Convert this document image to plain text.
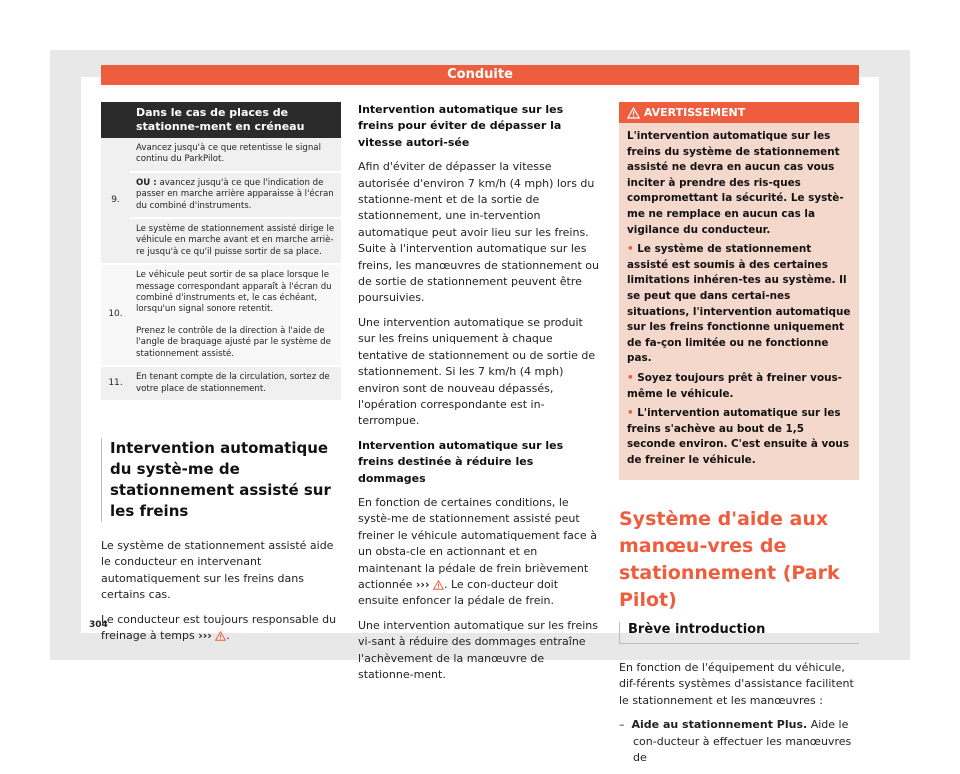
Conduite
	Dans le cas de places de stationne-ment en créneau
9.	Avancez jusqu'à ce que retentisse le signal continu du ParkPilot.
	OU : avancez jusqu'à ce que l'indication de passer en marche arrière apparaisse à l'écran du combiné d'instruments.
	Le système de stationnement assisté dirige le véhicule en marche avant et en marche arriè-re jusqu'à ce qu'il puisse sortir de sa place.
10.	Le véhicule peut sortir de sa place lorsque le message correspondant apparaît à l'écran du combiné d'instruments et, le cas échéant, lorsqu'un signal sonore retentit.
	Prenez le contrôle de la direction à l'aide de l'angle de braquage ajusté par le système de stationnement assisté.
11.	En tenant compte de la circulation, sortez de votre place de stationnement.
Intervention automatique du systè-me de stationnement assisté sur les freins

Le système de stationnement assisté aide le conducteur en intervenant automatiquement sur les freins dans certains cas.

Le conducteur est toujours responsable du freinage à temps ››› .

Intervention automatique sur les freins pour éviter de dépasser la vitesse autori-sée

Afin d'éviter de dépasser la vitesse autorisée d'environ 7 km/h (4 mph) lors du stationne-ment et de la sortie de stationnement, une in-tervention automatique peut avoir lieu sur les freins. Suite à l'intervention automatique sur les freins, les manœuvres de stationnement ou de sortie de stationnement peuvent être poursuivies.

Une intervention automatique se produit sur les freins uniquement à chaque tentative de stationnement ou de sortie de stationnement. Si les 7 km/h (4 mph) environ sont de nouveau dépassés, l'opération correspondante est in-terrompue.

Intervention automatique sur les freins destinée à réduire les dommages

En fonction de certaines conditions, le systè-me de stationnement assisté peut freiner le véhicule automatiquement face à un obsta-cle en actionnant et en maintenant la pédale de frein brièvement actionnée ››› . Le con-ducteur doit ensuite enfoncer la pédale de frein.

Une intervention automatique sur les freins vi-sant à réduire des dommages entraîne l'achèvement de la manœuvre de stationne-ment.

AVERTISSEMENT

L'intervention automatique sur les freins du système de stationnement assisté ne devra en aucun cas vous inciter à prendre des ris-ques compromettant la sécurité. Le systè-me ne remplace en aucun cas la vigilance du conducteur.

• Le système de stationnement assisté est soumis à des certaines limitations inhéren-tes au système. Il se peut que dans certai-nes situations, l'intervention automatique sur les freins fonctionne uniquement de fa-çon limitée ou ne fonctionne pas.

• Soyez toujours prêt à freiner vous-même le véhicule.

• L'intervention automatique sur les freins s'achève au bout de 1,5 seconde environ. C'est ensuite à vous de freiner le véhicule.

Système d'aide aux manœu-vres de stationnement (Park Pilot)
Brève introduction

En fonction de l'équipement du véhicule, dif-férents systèmes d'assistance facilitent le stationnement et les manœuvres :

– Aide au stationnement Plus. Aide le con-ducteur à effectuer les manœuvres de

304
